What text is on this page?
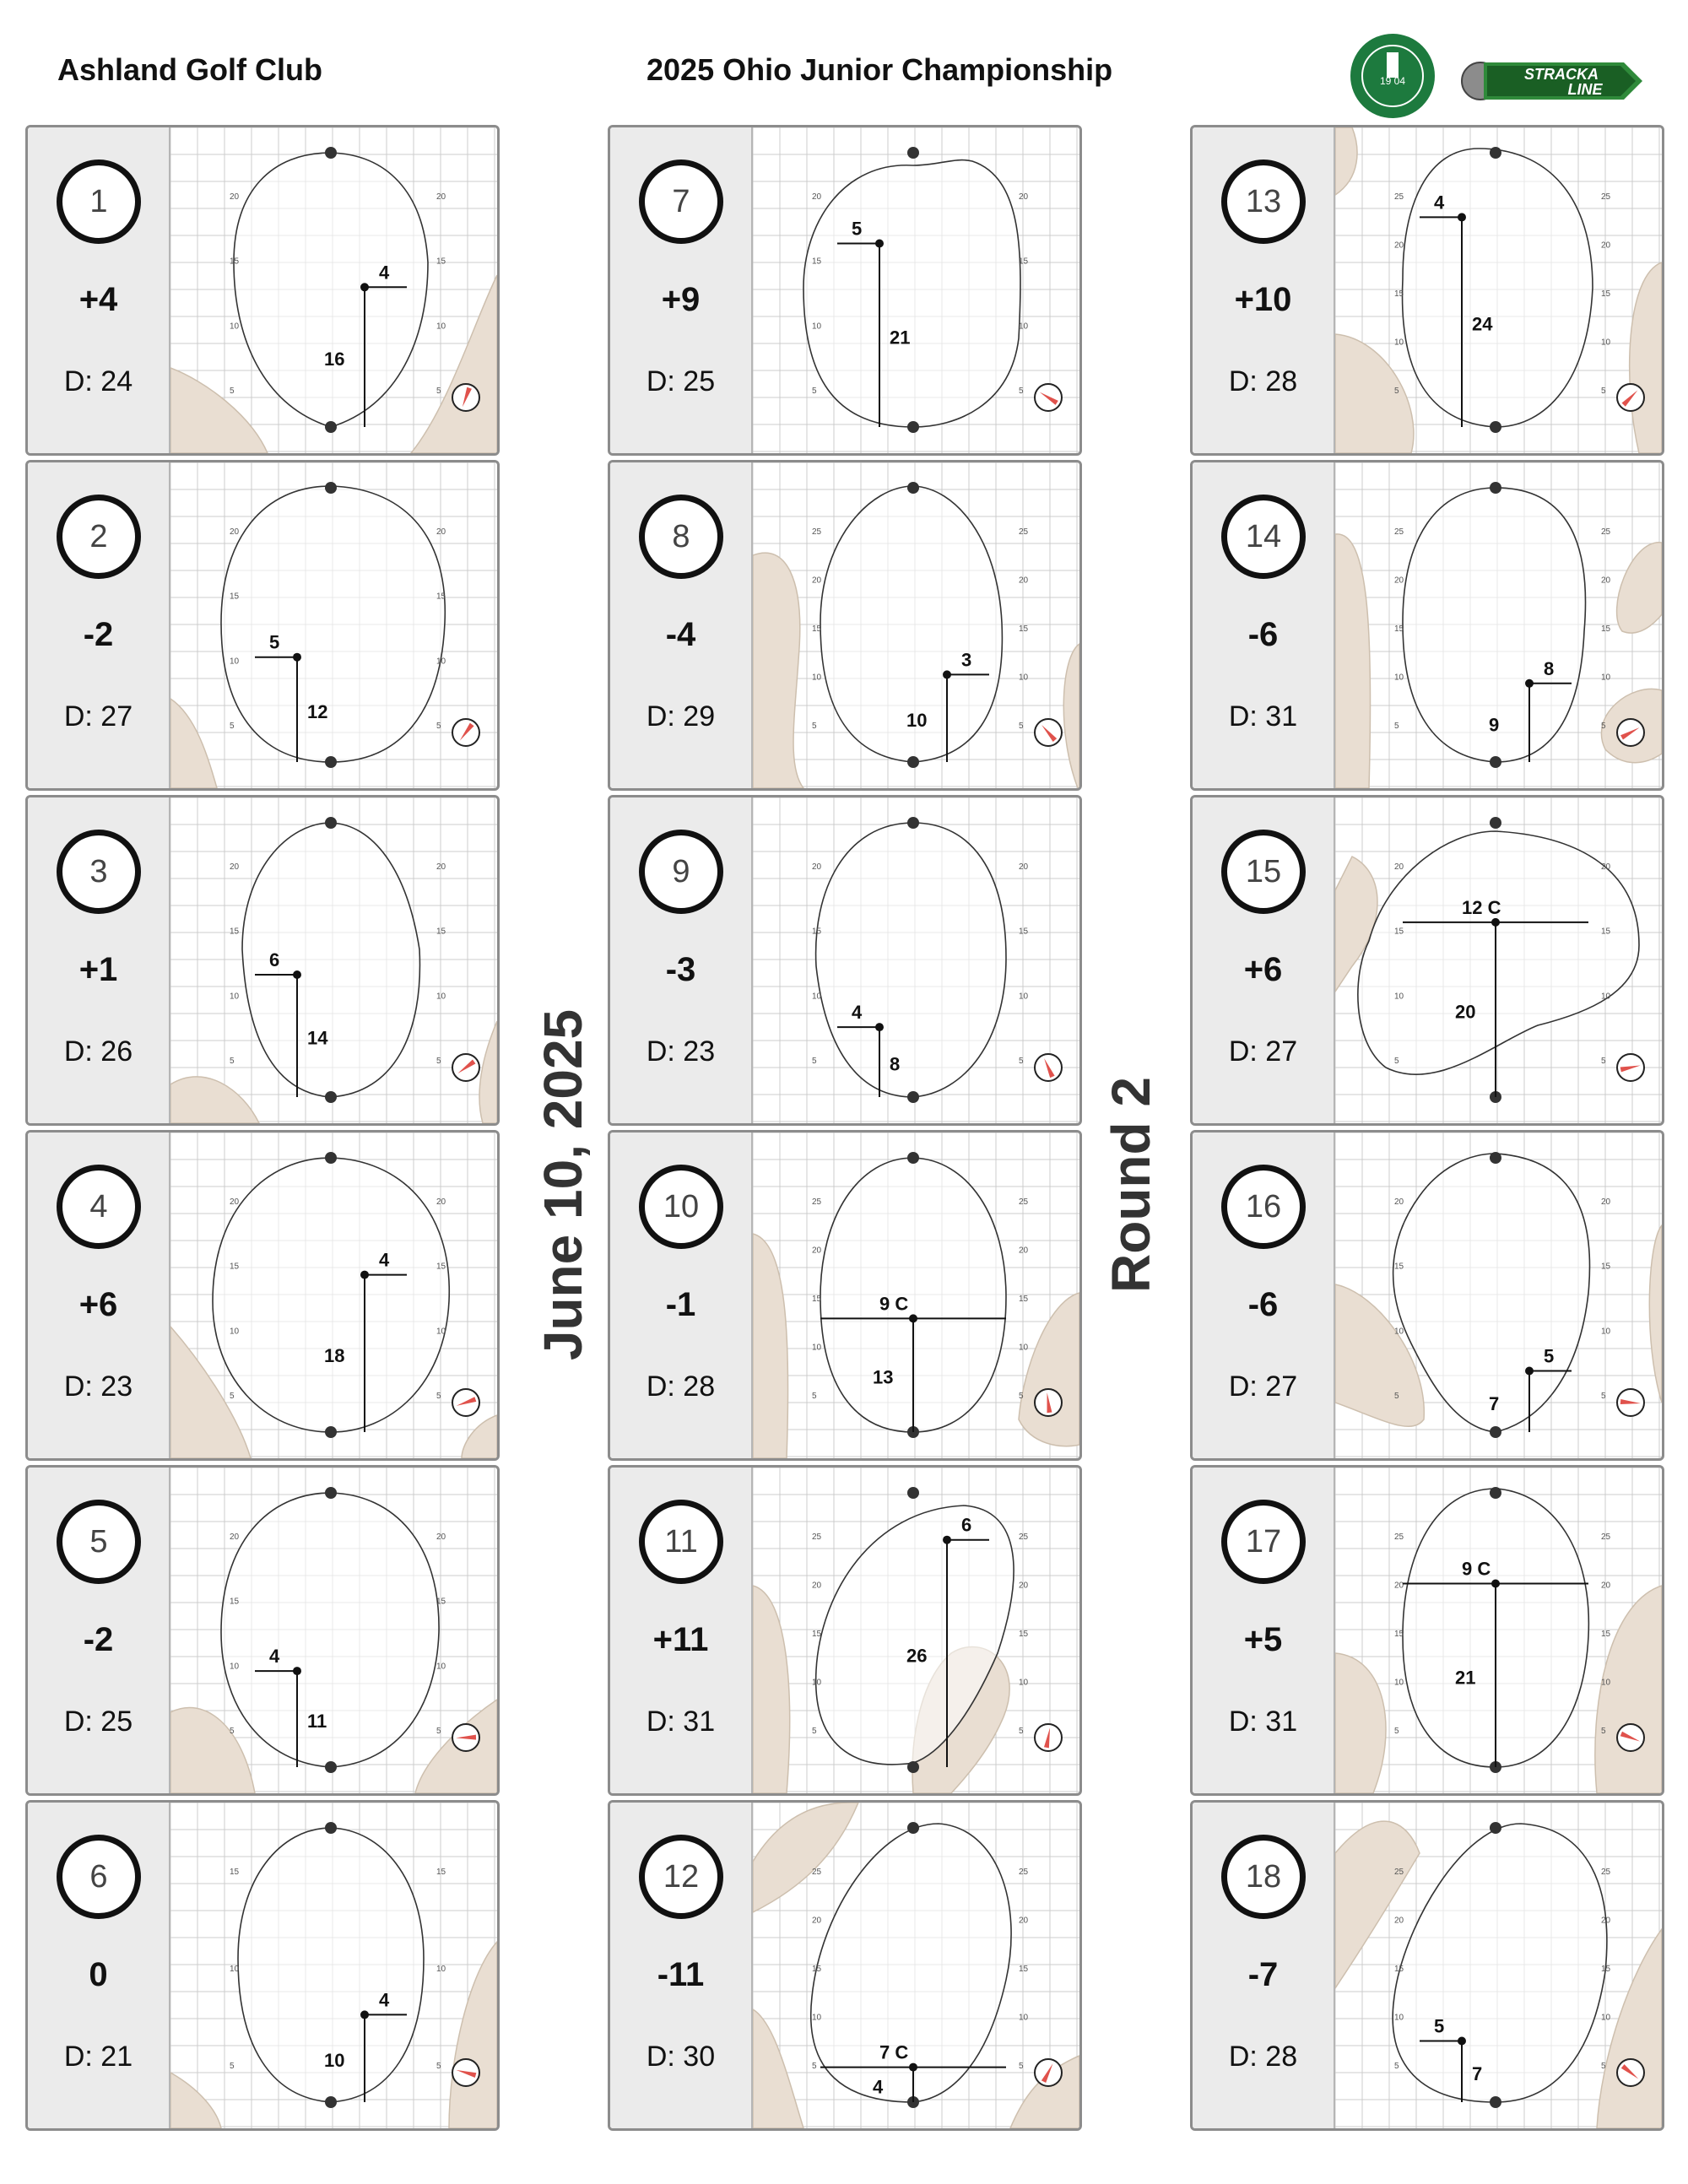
Ashland Golf Club	2025 Ohio Junior Championship	19 04	STRACKA
LINE
June 10, 2025	Round 2
1
+4
D: 24
20
15
10
5
20
15
10
5
4
16
2
-2
D: 27
20
15
10
5
20
15
10
5
5
12
3
+1
D: 26
20
15
10
5
20
15
10
5
6
14
4
+6
D: 23
20
15
10
5
20
15
10
5
4
18
5
-2
D: 25
20
15
10
5
20
15
10
5
4
11
6
0
D: 21
15
10
5
15
10
5
4
10
7
+9
D: 25
20
15
10
5
20
15
10
5
5
21
8
-4
D: 29
25
20
15
10
5
25
20
15
10
5
3
10
9
-3
D: 23
20
15
10
5
20
15
10
5
4
8
10
-1
D: 28
25
20
15
10
5
25
20
15
10
5
9 C
13
11
+11
D: 31
25
20
15
10
5
25
20
15
10
5
6
26
12
-11
D: 30
25
20
15
10
5
25
20
15
10
5
7 C
4
13
+10
D: 28
25
20
15
10
5
25
20
15
10
5
4
24
14
-6
D: 31
25
20
15
10
5
25
20
15
10
5
8
9
15
+6
D: 27
20
15
10
5
20
15
10
5
12 C
20
16
-6
D: 27
20
15
10
5
20
15
10
5
5
7
17
+5
D: 31
25
20
15
10
5
25
20
15
10
5
9 C
21
18
-7
D: 28
25
20
15
10
5
25
20
15
10
5
5
7
